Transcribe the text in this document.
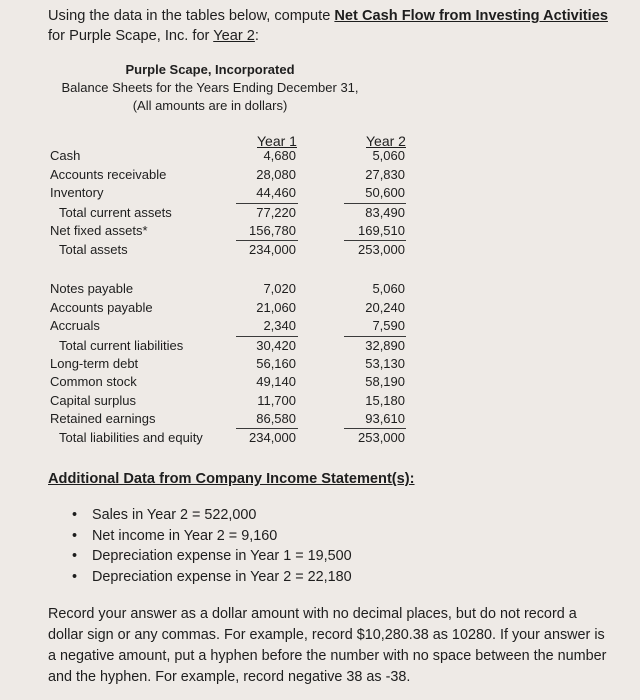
Using the data in the tables below, compute Net Cash Flow from Investing Activities for Purple Scape, Inc. for Year 2:
Purple Scape, Incorporated
Balance Sheets for the Years Ending December 31,
(All amounts are in dollars)
Year 1	Year 2
Cash	4,680	5,060
Accounts receivable	28,080	27,830
Inventory	44,460	50,600
Total current assets	77,220	83,490
Net fixed assets*	156,780	169,510
Total assets	234,000	253,000
Notes payable	7,020	5,060
Accounts payable	21,060	20,240
Accruals	2,340	7,590
Total current liabilities	30,420	32,890
Long-term debt	56,160	53,130
Common stock	49,140	58,190
Capital surplus	11,700	15,180
Retained earnings	86,580	93,610
Total liabilities and equity	234,000	253,000
Additional Data from Company Income Statement(s):
• Sales in Year 2 = 522,000
• Net income in Year 2 = 9,160
• Depreciation expense in Year 1 = 19,500
• Depreciation expense in Year 2 = 22,180
Record your answer as a dollar amount with no decimal places, but do not record a dollar sign or any commas. For example, record $10,280.38 as 10280. If your answer is a negative amount, put a hyphen before the number with no space between the number and the hyphen. For example, record negative 38 as -38.
